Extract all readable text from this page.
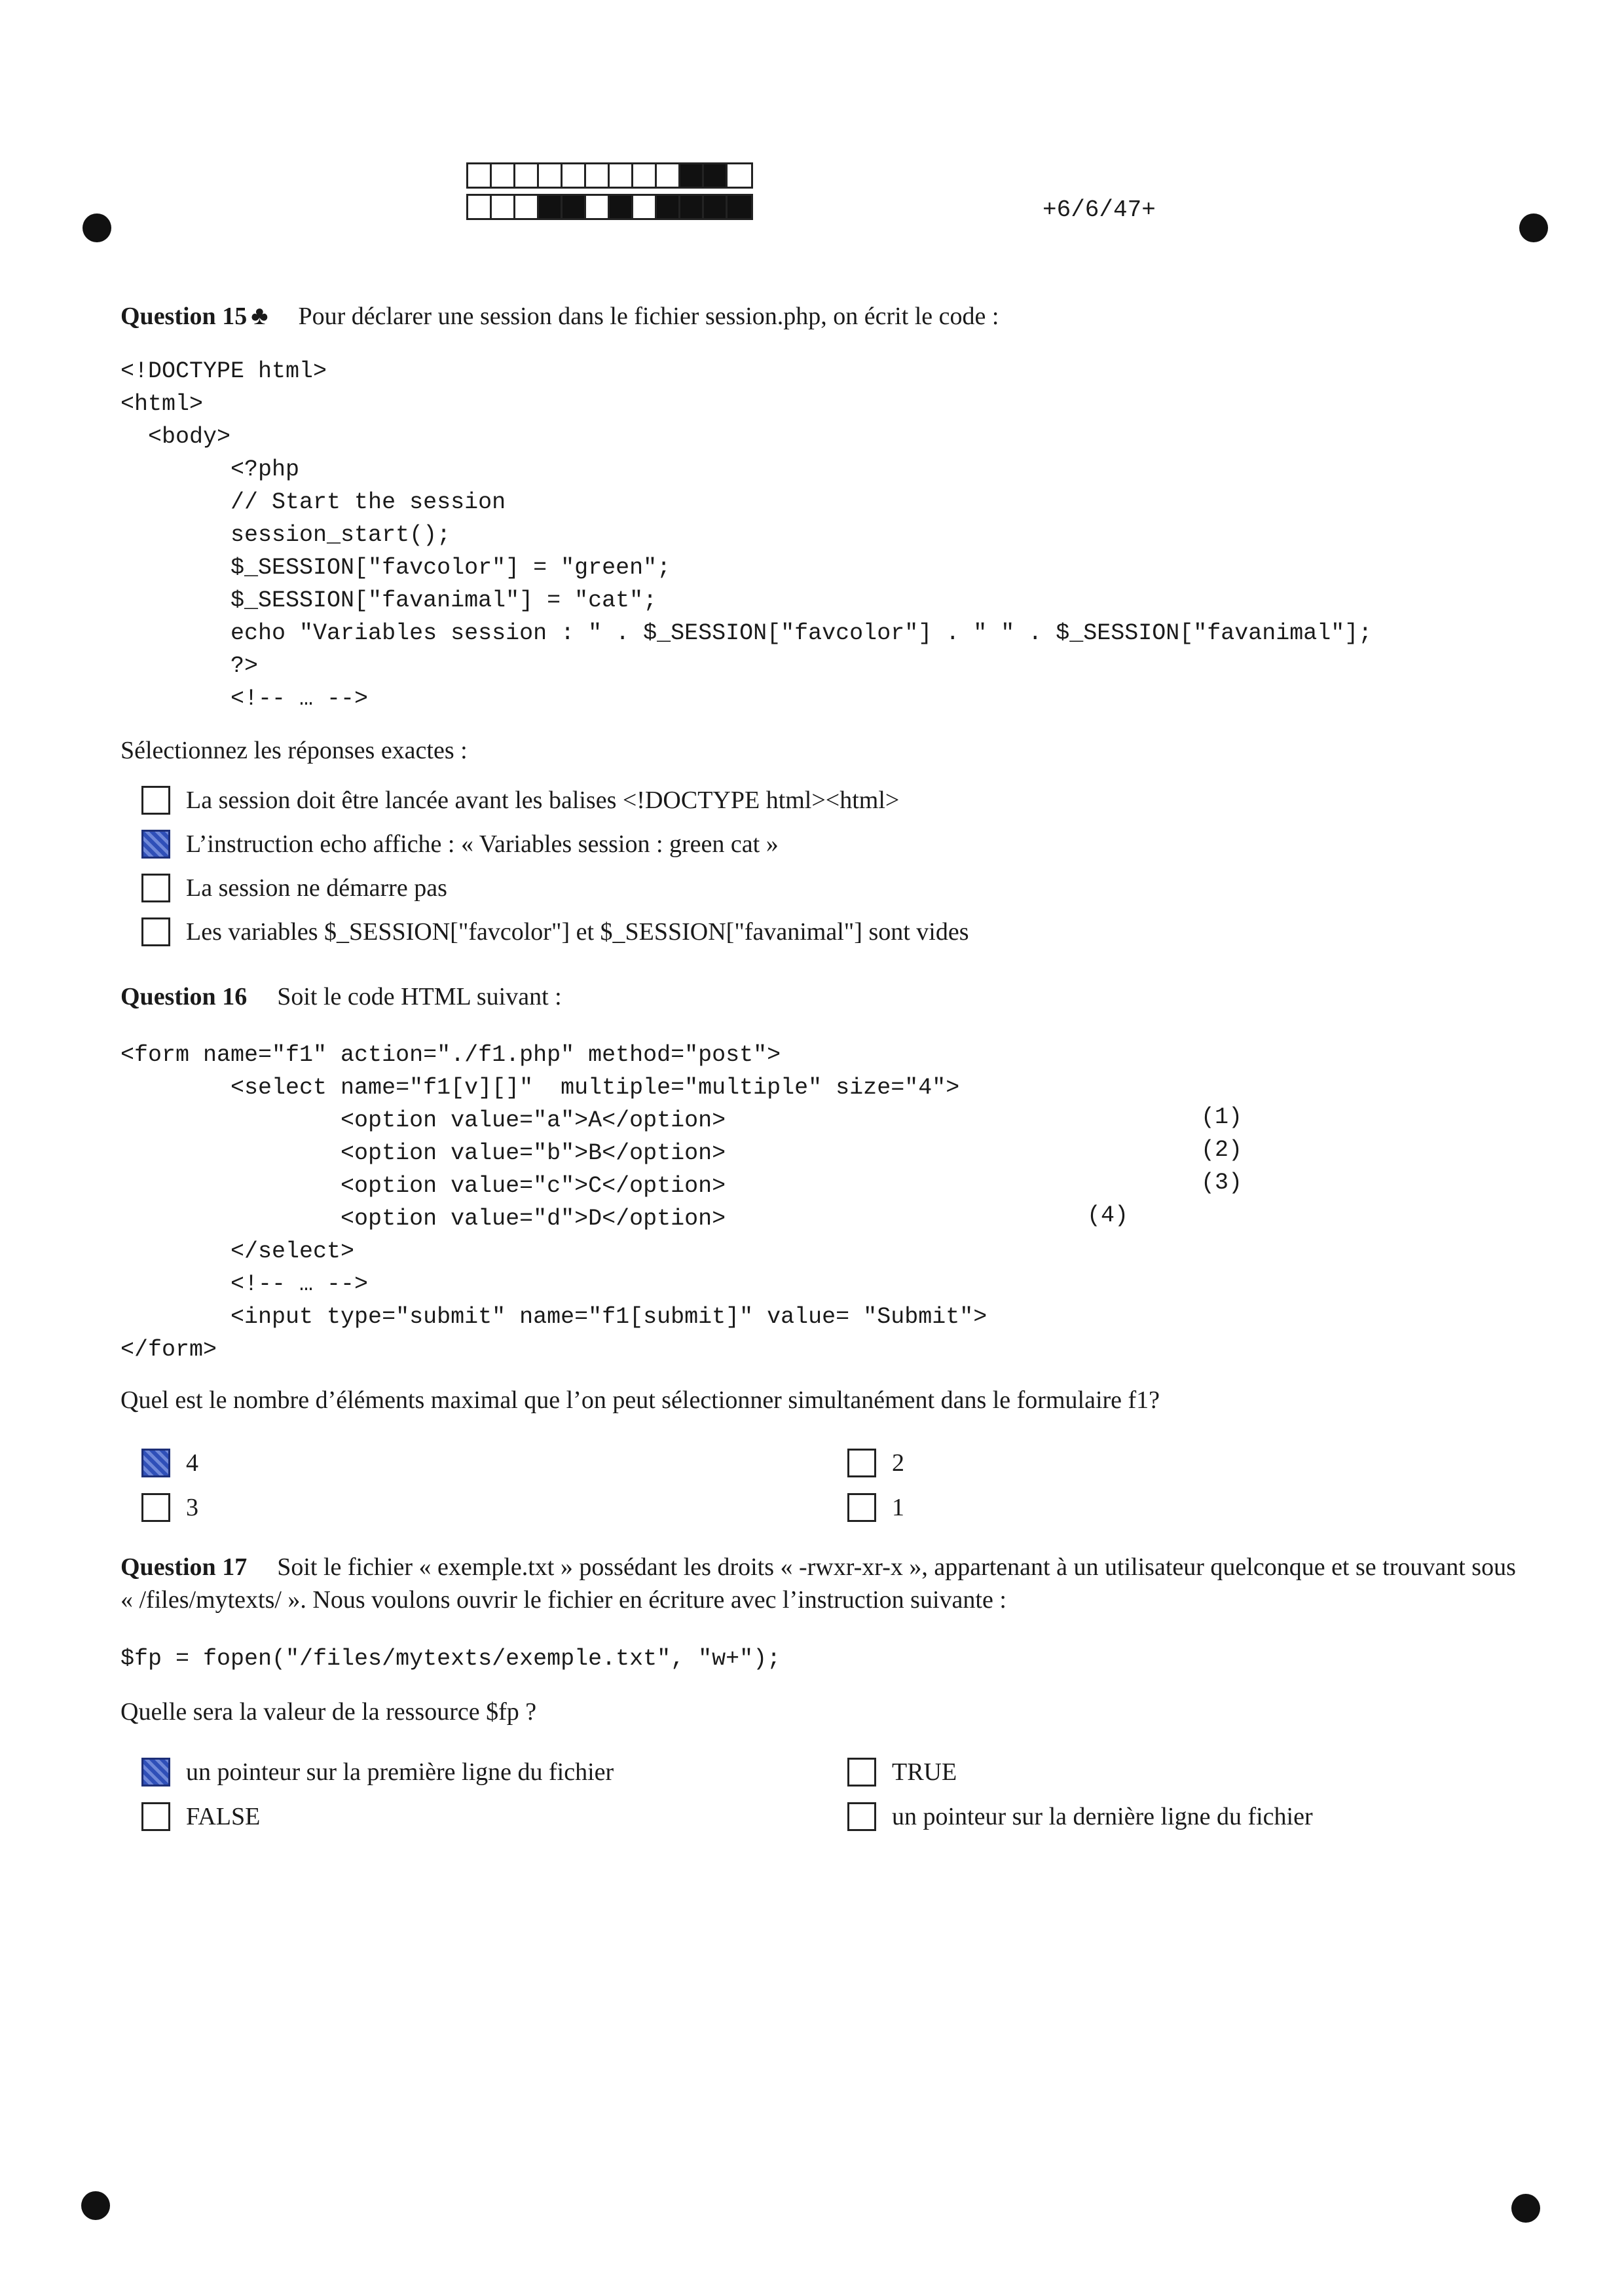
+6/6/47+
Question 15 ♣ Pour déclarer une session dans le fichier session.php, on écrit le code :
<!DOCTYPE html>
<html>
<body>
<?php
// Start the session
session_start();
$_SESSION["favcolor"] = "green";
$_SESSION["favanimal"] = "cat";
echo "Variables session : " . $_SESSION["favcolor"] . " " . $_SESSION["favanimal"];
?>
<!-- … -->
Sélectionnez les réponses exactes :
La session doit être lancée avant les balises <!DOCTYPE html><html>
L’instruction echo affiche : « Variables session : green cat »
La session ne démarre pas
Les variables $_SESSION["favcolor"] et $_SESSION["favanimal"] sont vides
Question 16 Soit le code HTML suivant :
<form name="f1" action="./f1.php" method="post">
<select name="f1[v][]"  multiple="multiple" size="4">
<option value="a">A</option>
<option value="b">B</option>
<option value="c">C</option>
<option value="d">D</option>
</select>
<!-- … -->
<input type="submit" name="f1[submit]" value= "Submit">
</form>
(1)
(2)
(3)
(4)
Quel est le nombre d’éléments maximal que l’on peut sélectionner simultanément dans le formulaire f1?
4	2
3	1
Question 17 Soit le fichier « exemple.txt » possédant les droits « -rwxr-xr-x », appartenant à un utilisateur quelconque et se trouvant sous « /files/mytexts/ ». Nous voulons ouvrir le fichier en écriture avec l’instruction suivante :
$fp = fopen("/files/mytexts/exemple.txt", "w+");
Quelle sera la valeur de la ressource $fp ?
un pointeur sur la première ligne du fichier	TRUE
FALSE	un pointeur sur la dernière ligne du fichier
